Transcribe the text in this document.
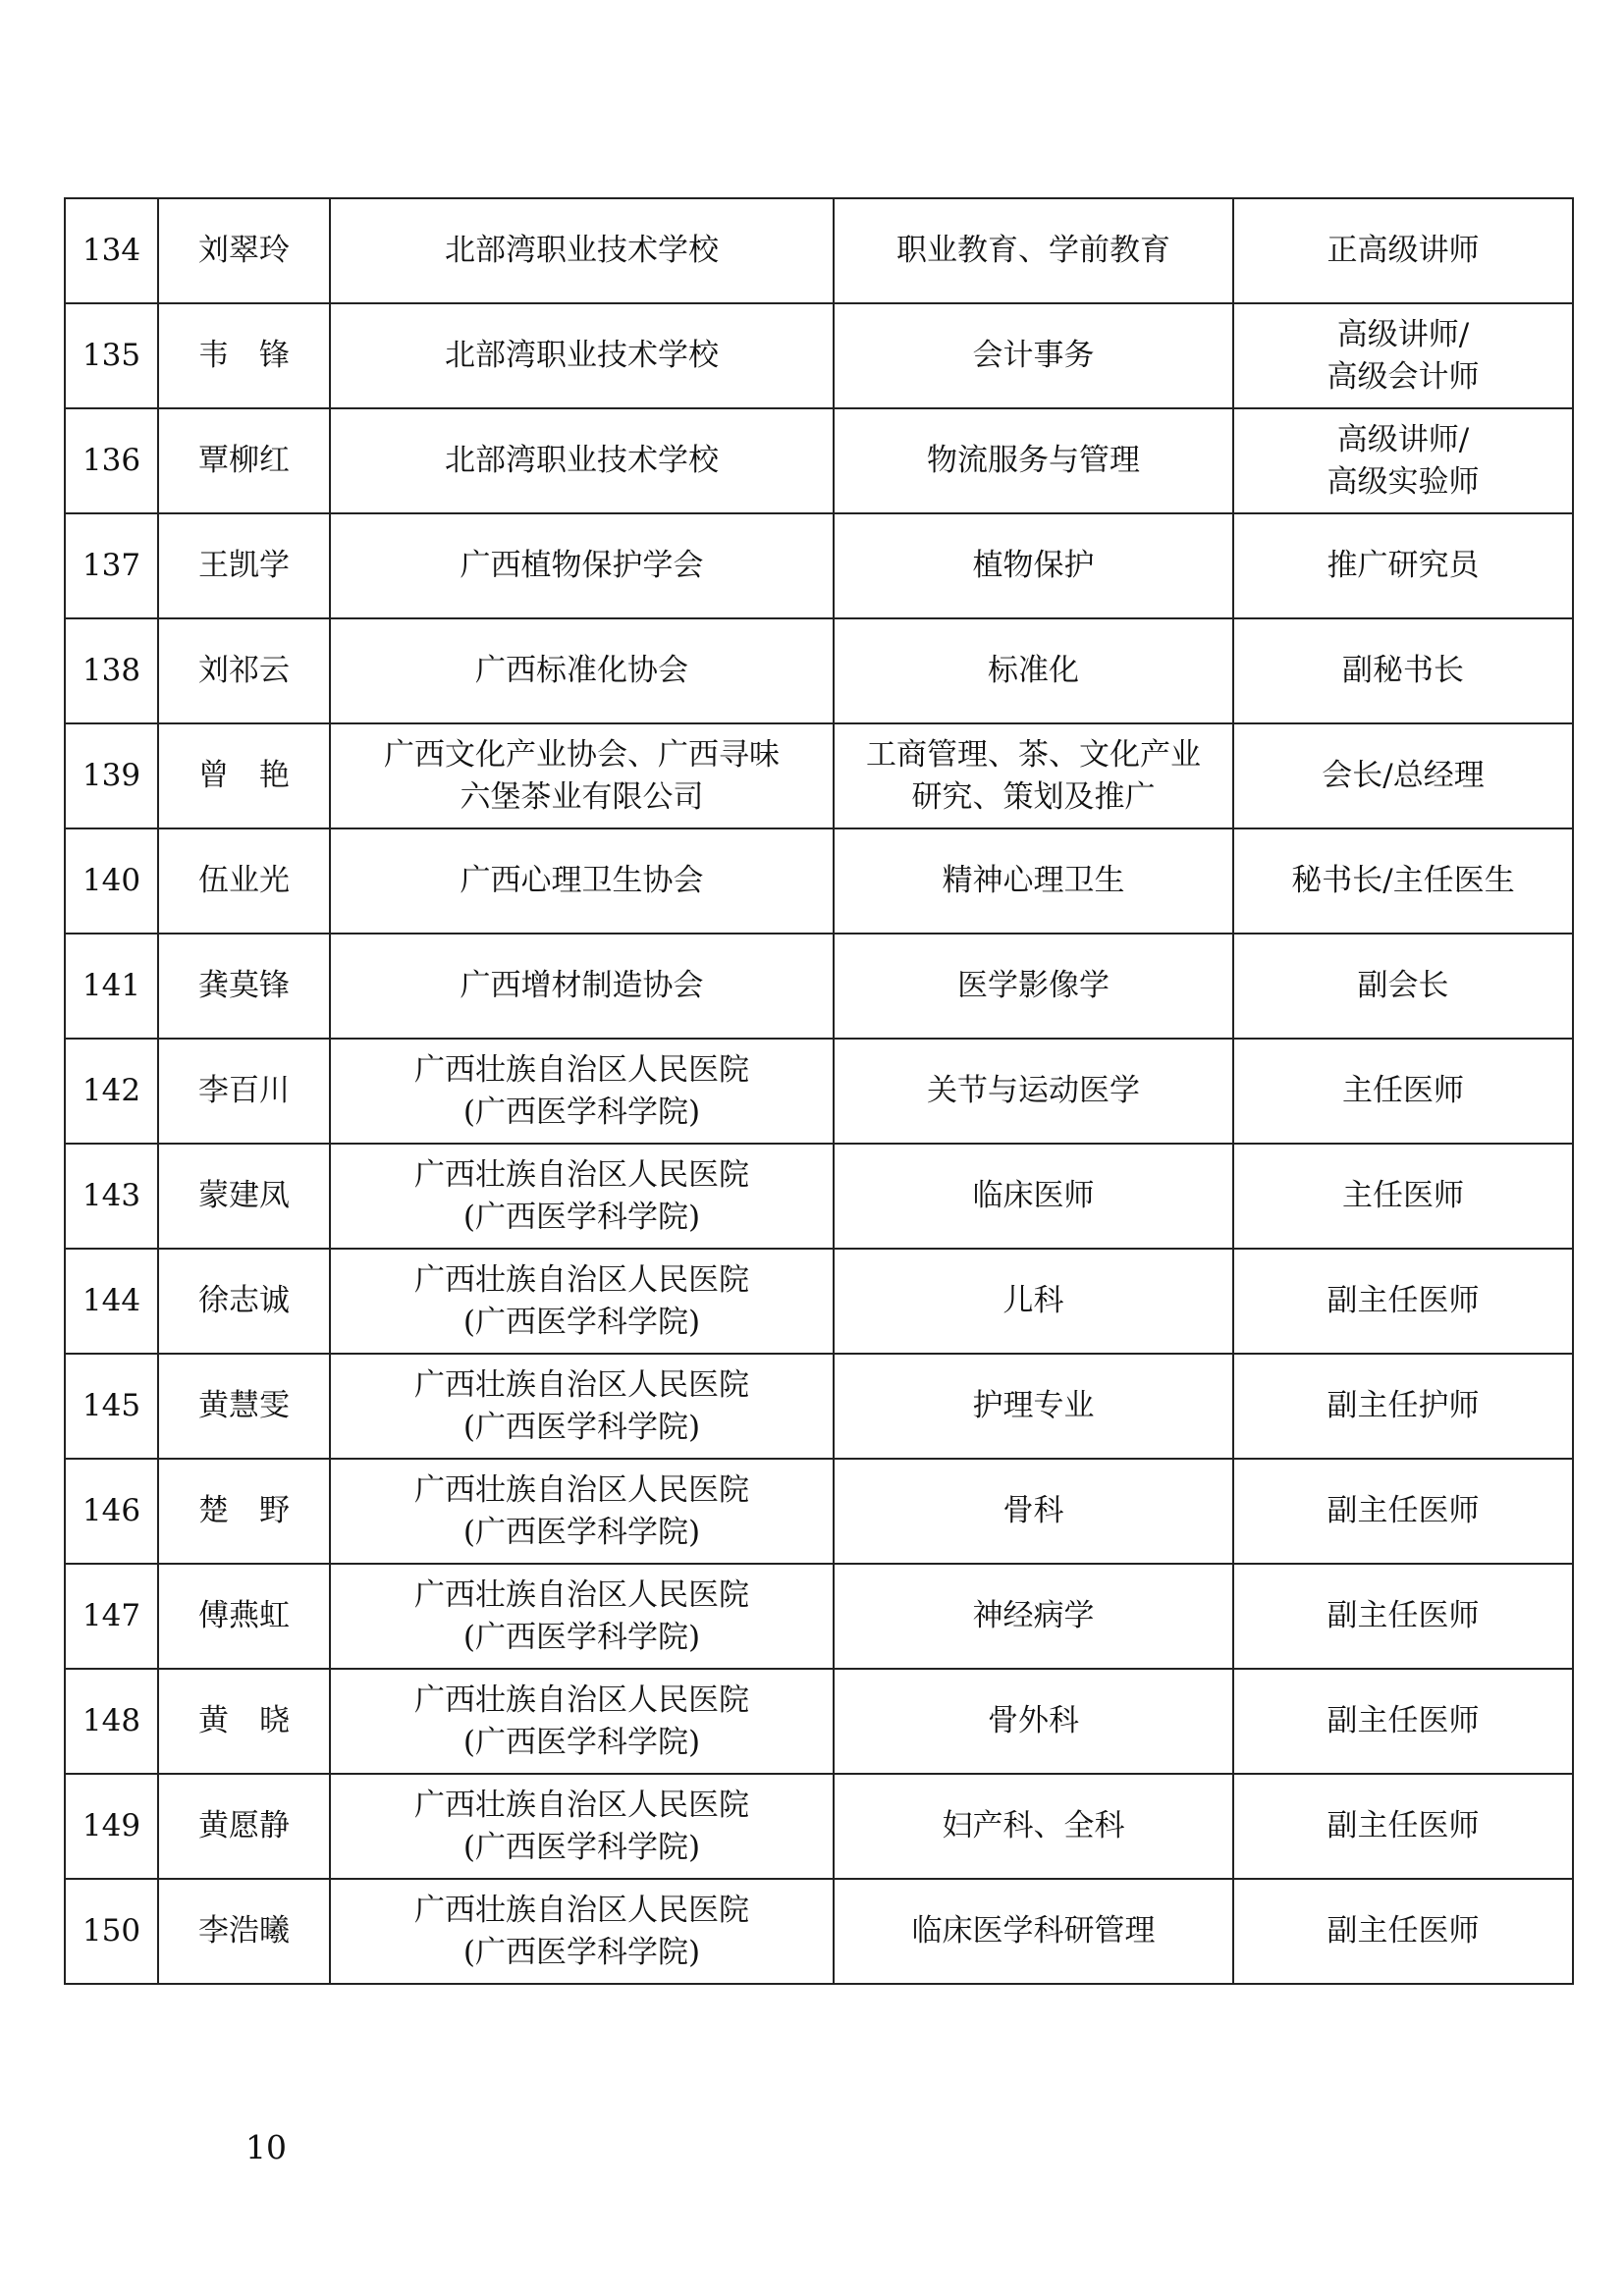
134	刘翠玲	北部湾职业技术学校	职业教育、学前教育	正高级讲师

135	韦　锋	北部湾职业技术学校	会计事务	高级讲师/
高级会计师

136	覃柳红	北部湾职业技术学校	物流服务与管理	高级讲师/
高级实验师

137	王凯学	广西植物保护学会	植物保护	推广研究员

138	刘祁云	广西标准化协会	标准化	副秘书长

139	曾　艳	广西文化产业协会、广西寻味
六堡茶业有限公司	工商管理、茶、文化产业
研究、策划及推广	会长/总经理

140	伍业光	广西心理卫生协会	精神心理卫生	秘书长/主任医生

141	龚莫锋	广西增材制造协会	医学影像学	副会长

142	李百川	广西壮族自治区人民医院
(广西医学科学院)	关节与运动医学	主任医师

143	蒙建凤	广西壮族自治区人民医院
(广西医学科学院)	临床医师	主任医师

144	徐志诚	广西壮族自治区人民医院
(广西医学科学院)	儿科	副主任医师

145	黄慧雯	广西壮族自治区人民医院
(广西医学科学院)	护理专业	副主任护师

146	楚　野	广西壮族自治区人民医院
(广西医学科学院)	骨科	副主任医师

147	傅燕虹	广西壮族自治区人民医院
(广西医学科学院)	神经病学	副主任医师

148	黄　晓	广西壮族自治区人民医院
(广西医学科学院)	骨外科	副主任医师

149	黄愿静	广西壮族自治区人民医院
(广西医学科学院)	妇产科、全科	副主任医师

150	李浩曦	广西壮族自治区人民医院
(广西医学科学院)	临床医学科研管理	副主任医师
10
